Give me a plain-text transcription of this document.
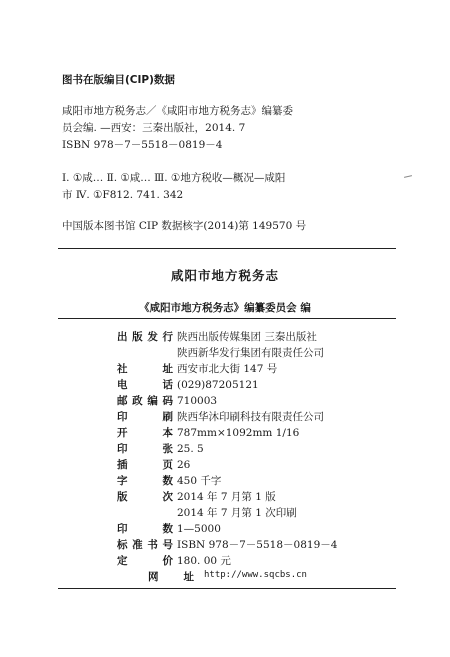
图书在版编目(CIP)数据

咸阳市地方税务志／《咸阳市地方税务志》编纂委

员会编. —西安：三秦出版社，2014. 7

ISBN 978－7－5518－0819－4

Ⅰ. ①咸… Ⅱ. ①咸… Ⅲ. ①地方税收—概况—咸阳

市 Ⅳ. ①F812. 741. 342

中国版本图书馆 CIP 数据核字(2014)第 149570 号

咸阳市地方税务志
《咸阳市地方税务志》编纂委员会 编
出版发行 陕西出版传媒集团 三秦出版社
陕西新华发行集团有限责任公司
社址 西安市北大街 147 号
电话 (029)87205121
邮政编码 710003
印刷 陕西华沐印刷科技有限责任公司
开本 787mm×1092mm 1/16
印张 25. 5
插页 26
字数 450 千字
版次 2014 年 7 月第 1 版
2014 年 7 月第 1 次印刷
印数 1—5000
标准书号 ISBN 978－7－5518－0819－4
定价 180. 00 元
网址 http://www.sqcbs.cn
